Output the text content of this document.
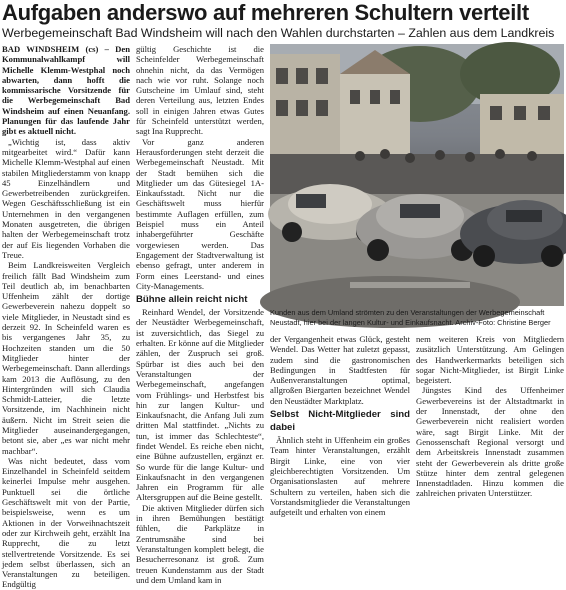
Aufgaben anderswo auf mehreren Schultern verteilt
Werbegemeinschaft Bad Windsheim will nach den Wahlen durchstarten – Zahlen aus dem Landkreis

BAD WINDSHEIM (cs) – Den Kommunalwahlkampf will Michelle Klemm-Westphal noch abwarten, dann hofft die kommissarische Vorsitzende für die Werbegemeinschaft Bad Windsheim auf einen Neuanfang. Planungen für das laufende Jahr gibt es aktuell nicht.

„Wichtig ist, dass aktiv mitgearbeitet wird.“ Dafür kann Michelle Klemm-Westphal auf einen stabilen Mitgliederstamm von knapp 45 Einzelhändlern und Gewerbetreibenden zurückgreifen. Wegen Geschäftsschließung ist ein Unternehmen in den vergangenen Monaten ausgetreten, die übrigen halten der Werbegemeinschaft trotz der auf Eis liegenden Vorhaben die Treue.

Beim Landkreisweiten Vergleich freilich fällt Bad Windsheim zum Teil deutlich ab, im benachbarten Uffenheim zählt der dortige Gewerbeverein nahezu doppelt so viele Mitglieder, in Neustadt sind es derzeit 92. In Scheinfeld waren es bis vergangenes Jahr 35, zu Hochzeiten standen um die 50 Mitglieder hinter der Werbegemeinschaft. Dann allerdings kam 2013 die Auflösung, zu den Hintergründen will sich Claudia Schmidt-Latteier, die letzte Vorsitzende, im Nachhinein nicht äußern. Nicht im Streit seien die Mitglieder auseinandergegangen, betont sie, aber „es war nicht mehr machbar“.

Was nicht bedeutet, dass vom Einzelhandel in Scheinfeld seitdem keinerlei Impulse mehr ausgehen. Punktuell sei die örtliche Geschäftswelt mit von der Partie, beispielsweise, wenn es um Aktionen in der Vorweihnachtszeit oder zur Kirchweih geht, erzählt Ina Rupprecht, die zu letzt stellvertretende Vorsitzende. Es sei jedem selbst überlassen, sich an Veranstaltungen zu beteiligen. Endgültig

gültig Geschichte ist die Scheinfelder Werbegemeinschaft ohnehin nicht, da das Vermögen nach wie vor ruht. Solange noch Gutscheine im Umlauf sind, steht deren Verteilung aus, letzten Endes soll in einigen Jahren etwas Gutes für Scheinfeld unterstützt werden, sagt Ina Rupprecht.

Vor ganz anderen Herausforderungen steht derzeit die Werbegemeinschaft Neustadt. Mit der Stadt bemühen sich die Mitglieder um das Gütesiegel 1A-Einkaufsstadt. Nicht nur die Geschäftswelt muss hierfür bestimmte Auflagen erfüllen, zum Beispiel muss ein Anteil inhabergeführter Geschäfte vorgewiesen werden. Das Engagement der Stadtverwaltung ist ebenso gefragt, unter anderem in Form eines Leerstand- und eines City-Managements.

Bühne allein reicht nicht

Reinhard Wendel, der Vorsitzende der Neustädter Werbegemeinschaft, ist zuversichtlich, das Siegel zu erhalten. Er könne auf die Mitglieder zählen, der Zuspruch sei groß. Spürbar ist dies auch bei den Veranstaltungen der Werbegemeinschaft, angefangen vom Frühlings- und Herbstfest bis hin zur langen Kultur- und Einkaufsnacht, die Anfang Juli zum dritten Mal stattfindet. „Nichts zu tun, ist immer das Schlechteste“, findet Wendel. Es reiche eben nicht, eine Bühne aufzustellen, ergänzt er. So wurde für die lange Kultur- und Einkaufsnacht in den vergangenen Jahren ein Programm für alle Altersgruppen auf die Beine gestellt.

Die aktiven Mitglieder dürfen sich in ihren Bemühungen bestätigt fühlen, die Parkplätze in Zentrumsnähe sind bei Veranstaltungen komplett belegt, die Besucherresonanz ist groß. Zum treuen Kundenstamm aus der Stadt und dem Umland kam in

Kunden aus dem Umland strömten zu den Veranstaltungen der Werbegemeinschaft Neustadt, hier bei der langen Kultur- und Einkaufsnacht. Archiv-Foto: Christine Berger

der Vergangenheit etwas Glück, gesteht Wendel. Das Wetter hat zuletzt gepasst, zudem sind die gastronomischen Bedingungen in Stadtfesten für Außenveranstaltungen optimal, allgroßen Biergarten bezeichnet Wendel den Neustädter Marktplatz.

Selbst Nicht-Mitglieder sind dabei

Ähnlich steht in Uffenheim ein großes Team hinter Veranstaltungen, erzählt Birgit Linke, eine von vier gleichberechtigten Vorsitzenden. Um Organisationslasten auf mehrere Schultern zu verteilen, haben sich die Vorstandsmitglieder die Veranstaltungen aufgeteilt und erhalten von einem

nem weiteren Kreis von Mitgliedern zusätzlich Unterstützung. Am Gelingen des Handwerkermarkts beteiligen sich sogar Nicht-Mitglieder, ist Birgit Linke begeistert.

Jüngstes Kind des Uffenheimer Gewerbevereins ist der Altstadtmarkt in der Innenstadt, der ohne den Gewerbeverein nicht realisiert worden wäre, sagt Birgit Linke. Mit der Genossenschaft Regional versorgt und dem Arbeitskreis Innenstadt zusammen steht der Gewerbeverein als dritte große Stütze hinter dem zentral gelegenen Innenstadtladen. Hinzu kommen die zahlreichen privaten Unterstützer.
